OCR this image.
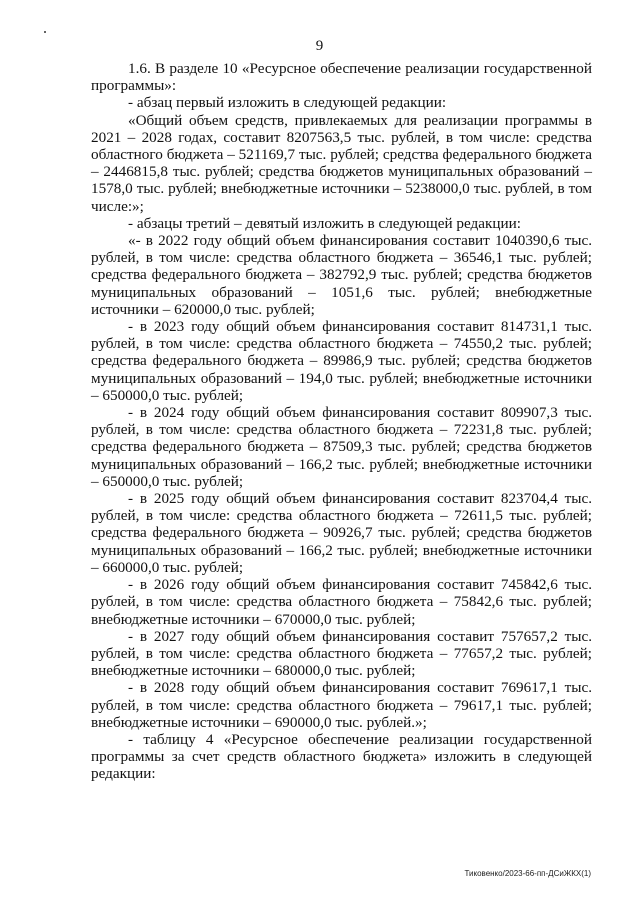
9

1.6. В разделе 10 «Ресурсное обеспечение реализации государственной программы»:

- абзац первый изложить в следующей редакции:

«Общий объем средств, привлекаемых для реализации программы в 2021 – 2028 годах, составит 8207563,5 тыс. рублей, в том числе: средства областного бюджета – 521169,7 тыс. рублей; средства федерального бюджета – 2446815,8 тыс. рублей; средства бюджетов муниципальных образований – 1578,0 тыс. рублей; внебюджетные источники – 5238000,0 тыс. рублей, в том числе:»;

- абзацы третий – девятый изложить в следующей редакции:

«- в 2022 году общий объем финансирования составит 1040390,6 тыс. рублей, в том числе: средства областного бюджета – 36546,1 тыс. рублей; средства федерального бюджета – 382792,9 тыс. рублей; средства бюджетов муниципальных образований – 1051,6 тыс. рублей; внебюджетные источники – 620000,0 тыс. рублей;

- в 2023 году общий объем финансирования составит 814731,1 тыс. рублей, в том числе: средства областного бюджета – 74550,2 тыс. рублей; средства федерального бюджета – 89986,9 тыс. рублей; средства бюджетов муниципальных образований – 194,0 тыс. рублей; внебюджетные источники – 650000,0 тыс. рублей;

- в 2024 году общий объем финансирования составит 809907,3 тыс. рублей, в том числе: средства областного бюджета – 72231,8 тыс. рублей; средства федерального бюджета – 87509,3 тыс. рублей; средства бюджетов муниципальных образований – 166,2 тыс. рублей; внебюджетные источники – 650000,0 тыс. рублей;

- в 2025 году общий объем финансирования составит 823704,4 тыс. рублей, в том числе: средства областного бюджета – 72611,5 тыс. рублей; средства федерального бюджета – 90926,7 тыс. рублей; средства бюджетов муниципальных образований – 166,2 тыс. рублей; внебюджетные источники – 660000,0 тыс. рублей;

- в 2026 году общий объем финансирования составит 745842,6 тыс. рублей, в том числе: средства областного бюджета – 75842,6 тыс. рублей; внебюджетные источники – 670000,0 тыс. рублей;

- в 2027 году общий объем финансирования составит 757657,2 тыс. рублей, в том числе: средства областного бюджета – 77657,2 тыс. рублей; внебюджетные источники – 680000,0 тыс. рублей;

- в 2028 году общий объем финансирования составит 769617,1 тыс. рублей, в том числе: средства областного бюджета – 79617,1 тыс. рублей; внебюджетные источники – 690000,0 тыс. рублей.»;

- таблицу 4 «Ресурсное обеспечение реализации государственной программы за счет средств областного бюджета» изложить в следующей редакции:

Тиковенко/2023-66-пп-ДСиЖКХ(1)
